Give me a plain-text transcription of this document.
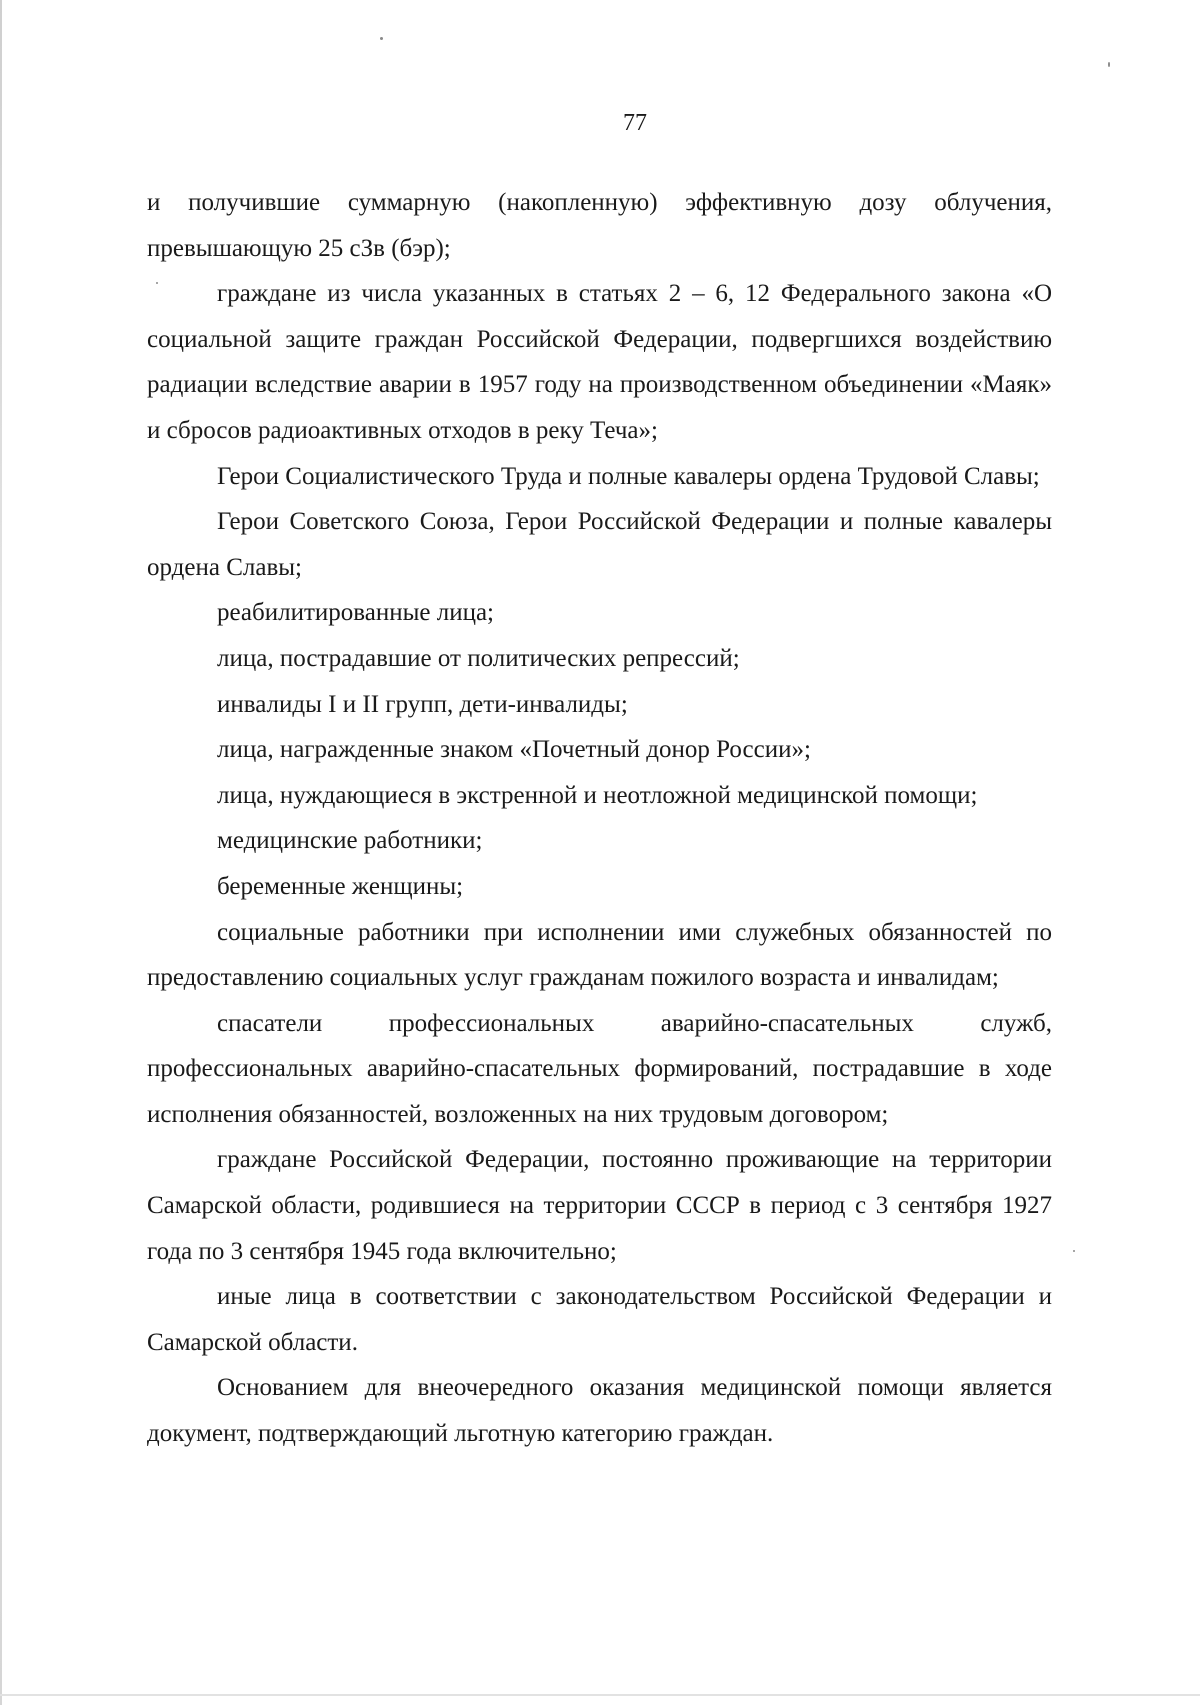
77

и получившие суммарную (накопленную) эффективную дозу облучения, превышающую 25 сЗв (бэр);

граждане из числа указанных в статьях 2 – 6, 12 Федерального закона «О социальной защите граждан Российской Федерации, подвергшихся воздействию радиации вследствие аварии в 1957 году на производственном объединении «Маяк» и сбросов радиоактивных отходов в реку Теча»;

Герои Социалистического Труда и полные кавалеры ордена Трудовой Славы;

Герои Советского Союза, Герои Российской Федерации и полные кавалеры ордена Славы;

реабилитированные лица;

лица, пострадавшие от политических репрессий;

инвалиды I и II групп, дети-инвалиды;

лица, награжденные знаком «Почетный донор России»;

лица, нуждающиеся в экстренной и неотложной медицинской помощи;

медицинские работники;

беременные женщины;

социальные работники при исполнении ими служебных обязанностей по предоставлению социальных услуг гражданам пожилого возраста и инвалидам;

спасатели профессиональных аварийно-спасательных служб, профессиональных аварийно-спасательных формирований, пострадавшие в ходе исполнения обязанностей, возложенных на них трудовым договором;

граждане Российской Федерации, постоянно проживающие на территории Самарской области, родившиеся на территории СССР в период с 3 сентября 1927 года по 3 сентября 1945 года включительно;

иные лица в соответствии с законодательством Российской Федерации и Самарской области.

Основанием для внеочередного оказания медицинской помощи является документ, подтверждающий льготную категорию граждан.
